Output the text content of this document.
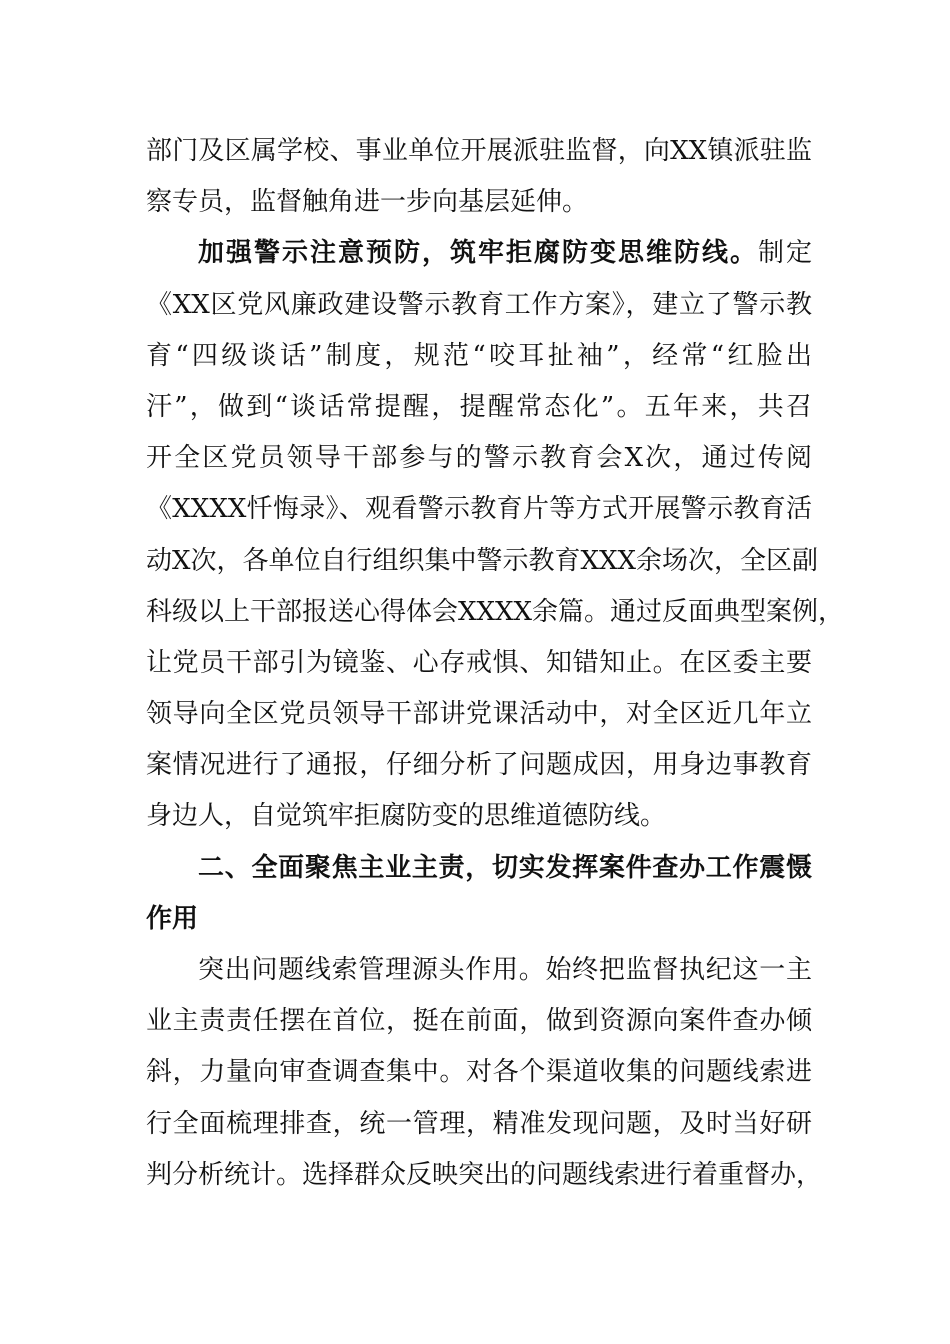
部门及区属学校、事业单位开展派驻监督，向XX镇派驻监
察专员，监督触角进一步向基层延伸。
加强警示注意预防，筑牢拒腐防变思维防线。制定
《XX区党风廉政建设警示教育工作方案》，建立了警示教
育“四级谈话”制度，规范“咬耳扯袖”，经常“红脸出
汗”，做到“谈话常提醒，提醒常态化”。五年来，共召
开全区党员领导干部参与的警示教育会X次，通过传阅
《XXXX忏悔录》、观看警示教育片等方式开展警示教育活
动X次，各单位自行组织集中警示教育XXX余场次，全区副
科级以上干部报送心得体会XXXX余篇。通过反面典型案例，
让党员干部引为镜鉴、心存戒惧、知错知止。在区委主要
领导向全区党员领导干部讲党课活动中，对全区近几年立
案情况进行了通报，仔细分析了问题成因，用身边事教育
身边人，自觉筑牢拒腐防变的思维道德防线。
二、全面聚焦主业主责，切实发挥案件查办工作震慑
作用
突出问题线索管理源头作用。始终把监督执纪这一主
业主责责任摆在首位，挺在前面，做到资源向案件查办倾
斜，力量向审查调查集中。对各个渠道收集的问题线索进
行全面梳理排查，统一管理，精准发现问题，及时当好研
判分析统计。选择群众反映突出的问题线索进行着重督办，
